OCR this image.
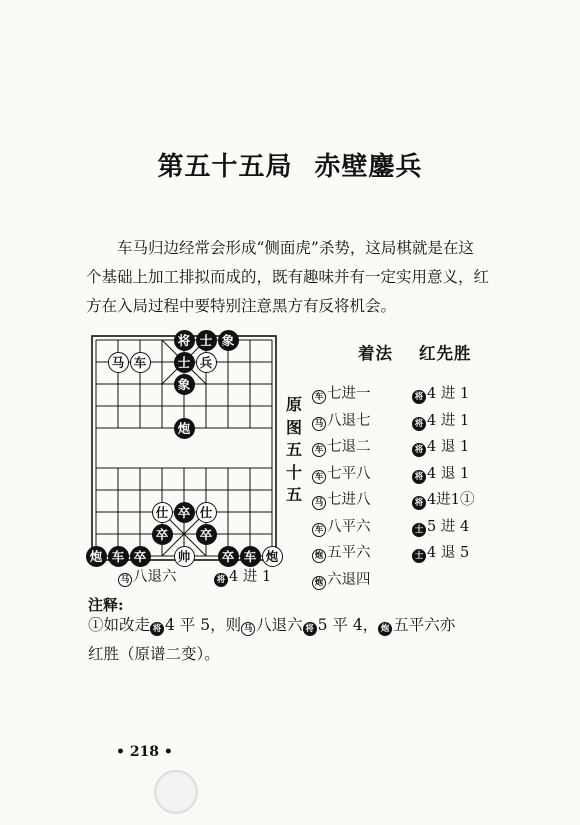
第五十五局 赤壁鏖兵

车马归边经常会形成“侧面虎”杀势，这局棋就是在这

个基础上加工排拟而成的，既有趣味并有一定实用意义，红

方在入局过程中要特别注意黑方有反将机会。

将 士 象
马 车	士 兵
象
炮
仕 卒 仕
卒	卒
炮 车 卒	帅	卒 车 炮
原
图
五
十
五
着法 红先胜
车 七进一	将 4 进 1
马 八退七	将 4 进 1
车 七退二	将 4 退 1
车 七平八	将 4 退 1
马 七进八	将 4进1①
车 八平六	士 5 进 4
炮 五平六	士 4 退 5
炮 六退四
马 八退六	将 4 进 1
注释:

①如改走 将 4 平 5，则 马 八退六 将 5 平 4， 炮 五平六亦

红胜（原谱二变）。

• 218 •
